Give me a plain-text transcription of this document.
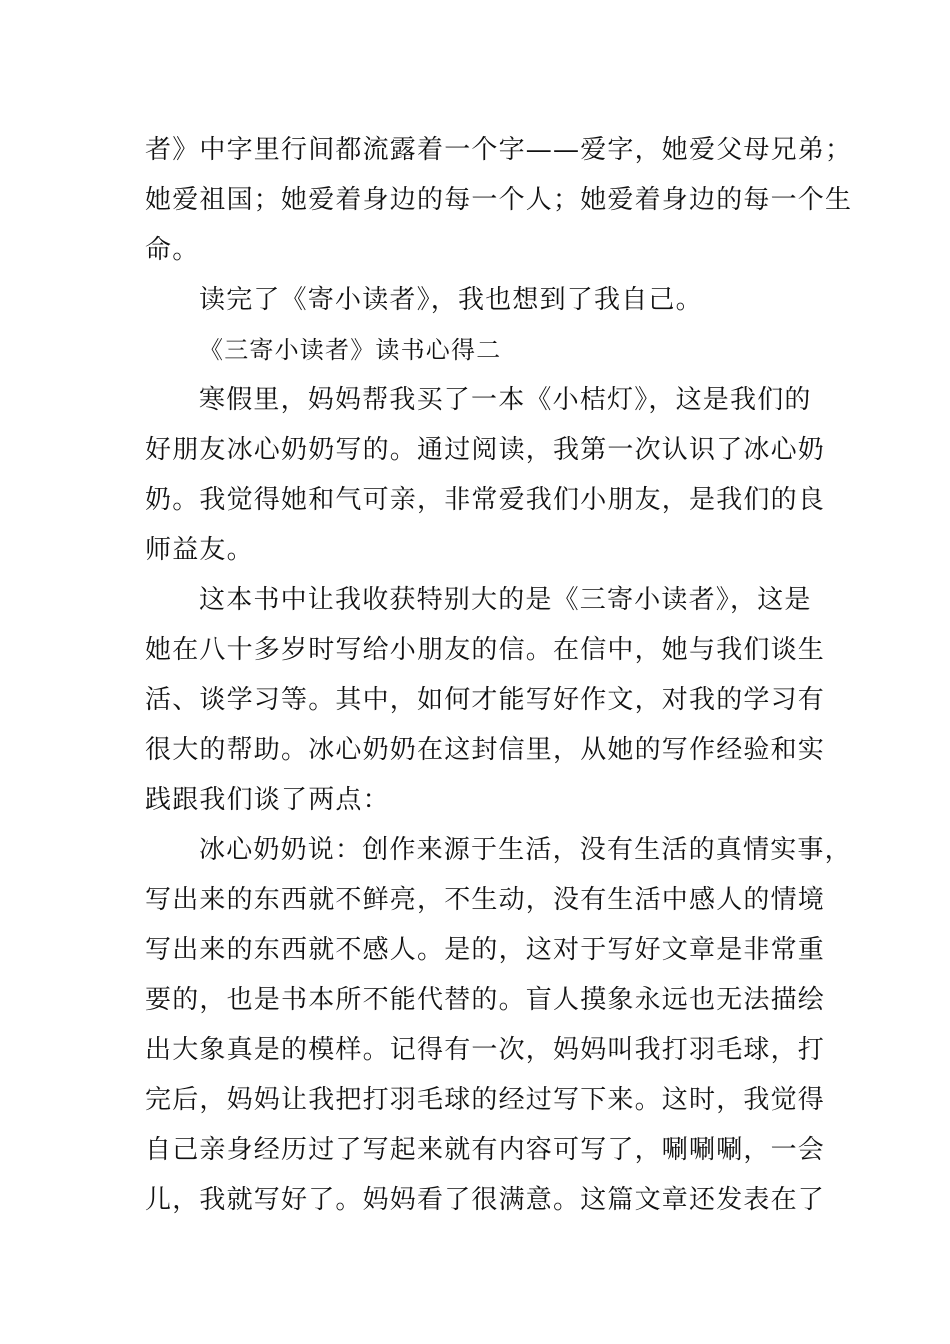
者》中字里行间都流露着一个字——爱字，她爱父母兄弟；
她爱祖国；她爱着身边的每一个人；她爱着身边的每一个生
命。
读完了《寄小读者》，我也想到了我自己。
《三寄小读者》读书心得二
寒假里，妈妈帮我买了一本《小桔灯》，这是我们的
好朋友冰心奶奶写的。通过阅读，我第一次认识了冰心奶
奶。我觉得她和气可亲，非常爱我们小朋友，是我们的良
师益友。
这本书中让我收获特别大的是《三寄小读者》，这是
她在八十多岁时写给小朋友的信。在信中，她与我们谈生
活、谈学习等。其中，如何才能写好作文，对我的学习有
很大的帮助。冰心奶奶在这封信里，从她的写作经验和实
践跟我们谈了两点：
冰心奶奶说：创作来源于生活，没有生活的真情实事，
写出来的东西就不鲜亮，不生动，没有生活中感人的情境
写出来的东西就不感人。是的，这对于写好文章是非常重
要的，也是书本所不能代替的。盲人摸象永远也无法描绘
出大象真是的模样。记得有一次，妈妈叫我打羽毛球，打
完后，妈妈让我把打羽毛球的经过写下来。这时，我觉得
自己亲身经历过了写起来就有内容可写了，唰唰唰，一会
儿，我就写好了。妈妈看了很满意。这篇文章还发表在了
